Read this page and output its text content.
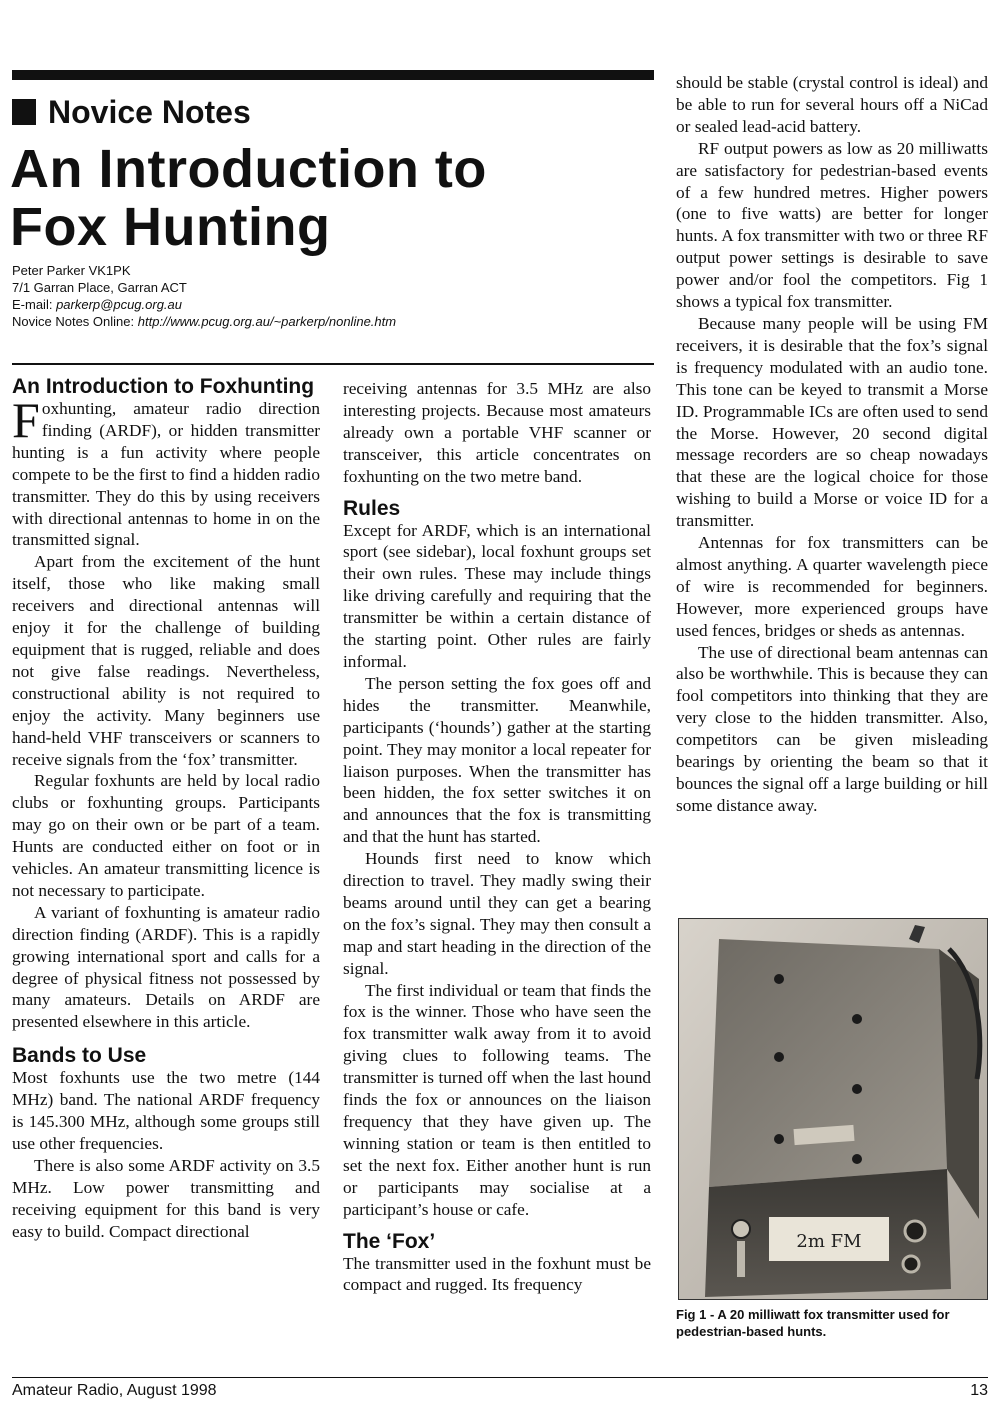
Novice Notes
An Introduction to
Fox Hunting
Peter Parker VK1PK
7/1 Garran Place, Garran ACT
E-mail: parkerp@pcug.org.au
Novice Notes Online: http://www.pcug.org.au/~parkerp/nonline.htm
An Introduction to Foxhunting

Foxhunting, amateur radio direction finding (ARDF), or hidden transmitter hunting is a fun activity where people compete to be the first to find a hidden radio transmitter. They do this by using receivers with directional antennas to home in on the transmitted signal.

Apart from the excitement of the hunt itself, those who like making small receivers and directional antennas will enjoy it for the challenge of building equipment that is rugged, reliable and does not give false readings. Nevertheless, constructional ability is not required to enjoy the activity. Many beginners use hand-held VHF transceivers or scanners to receive signals from the ‘fox’ transmitter.

Regular foxhunts are held by local radio clubs or foxhunting groups. Participants may go on their own or be part of a team. Hunts are conducted either on foot or in vehicles. An amateur transmitting licence is not necessary to participate.

A variant of foxhunting is amateur radio direction finding (ARDF). This is a rapidly growing international sport and calls for a degree of physical fitness not possessed by many amateurs. Details on ARDF are presented elsewhere in this article.

Bands to Use

Most foxhunts use the two metre (144 MHz) band. The national ARDF frequency is 145.300 MHz, although some groups still use other frequencies.

There is also some ARDF activity on 3.5 MHz. Low power transmitting and receiving equipment for this band is very easy to build. Compact directional

receiving antennas for 3.5 MHz are also interesting projects. Because most amateurs already own a portable VHF scanner or transceiver, this article concentrates on foxhunting on the two metre band.

Rules

Except for ARDF, which is an international sport (see sidebar), local foxhunt groups set their own rules. These may include things like driving carefully and requiring that the transmitter be within a certain distance of the starting point. Other rules are fairly informal.

The person setting the fox goes off and hides the transmitter. Meanwhile, participants (‘hounds’) gather at the starting point. They may monitor a local repeater for liaison purposes. When the transmitter has been hidden, the fox setter switches it on and announces that the fox is transmitting and that the hunt has started.

Hounds first need to know which direction to travel. They madly swing their beams around until they can get a bearing on the fox’s signal. They may then consult a map and start heading in the direction of the signal.

The first individual or team that finds the fox is the winner. Those who have seen the fox transmitter walk away from it to avoid giving clues to following teams. The transmitter is turned off when the last hound finds the fox or announces on the liaison frequency that they have given up. The winning station or team is then entitled to set the next fox. Either another hunt is run or participants may socialise at a participant’s house or cafe.

The ‘Fox’

The transmitter used in the foxhunt must be compact and rugged. Its frequency

should be stable (crystal control is ideal) and be able to run for several hours off a NiCad or sealed lead-acid battery.

RF output powers as low as 20 milliwatts are satisfactory for pedestrian-based events of a few hundred metres. Higher powers (one to five watts) are better for longer hunts. A fox transmitter with two or three RF output power settings is desirable to save power and/or fool the competitors. Fig 1 shows a typical fox transmitter.

Because many people will be using FM receivers, it is desirable that the fox’s signal is frequency modulated with an audio tone. This tone can be keyed to transmit a Morse ID. Programmable ICs are often used to send the Morse. However, 20 second digital message recorders are so cheap nowadays that these are the logical choice for those wishing to build a Morse or voice ID for a transmitter.

Antennas for fox transmitters can be almost anything. A quarter wavelength piece of wire is recommended for beginners. However, more experienced groups have used fences, bridges or sheds as antennas.

The use of directional beam antennas can also be worthwhile. This is because they can fool competitors into thinking that they are very close to the hidden transmitter. Also, competitors can be given misleading bearings by orienting the beam so that it bounces the signal off a large building or hill some distance away.

2m FM
Fig 1 - A 20 milliwatt fox transmitter used for pedestrian-based hunts.
Amateur Radio, August 1998	13
